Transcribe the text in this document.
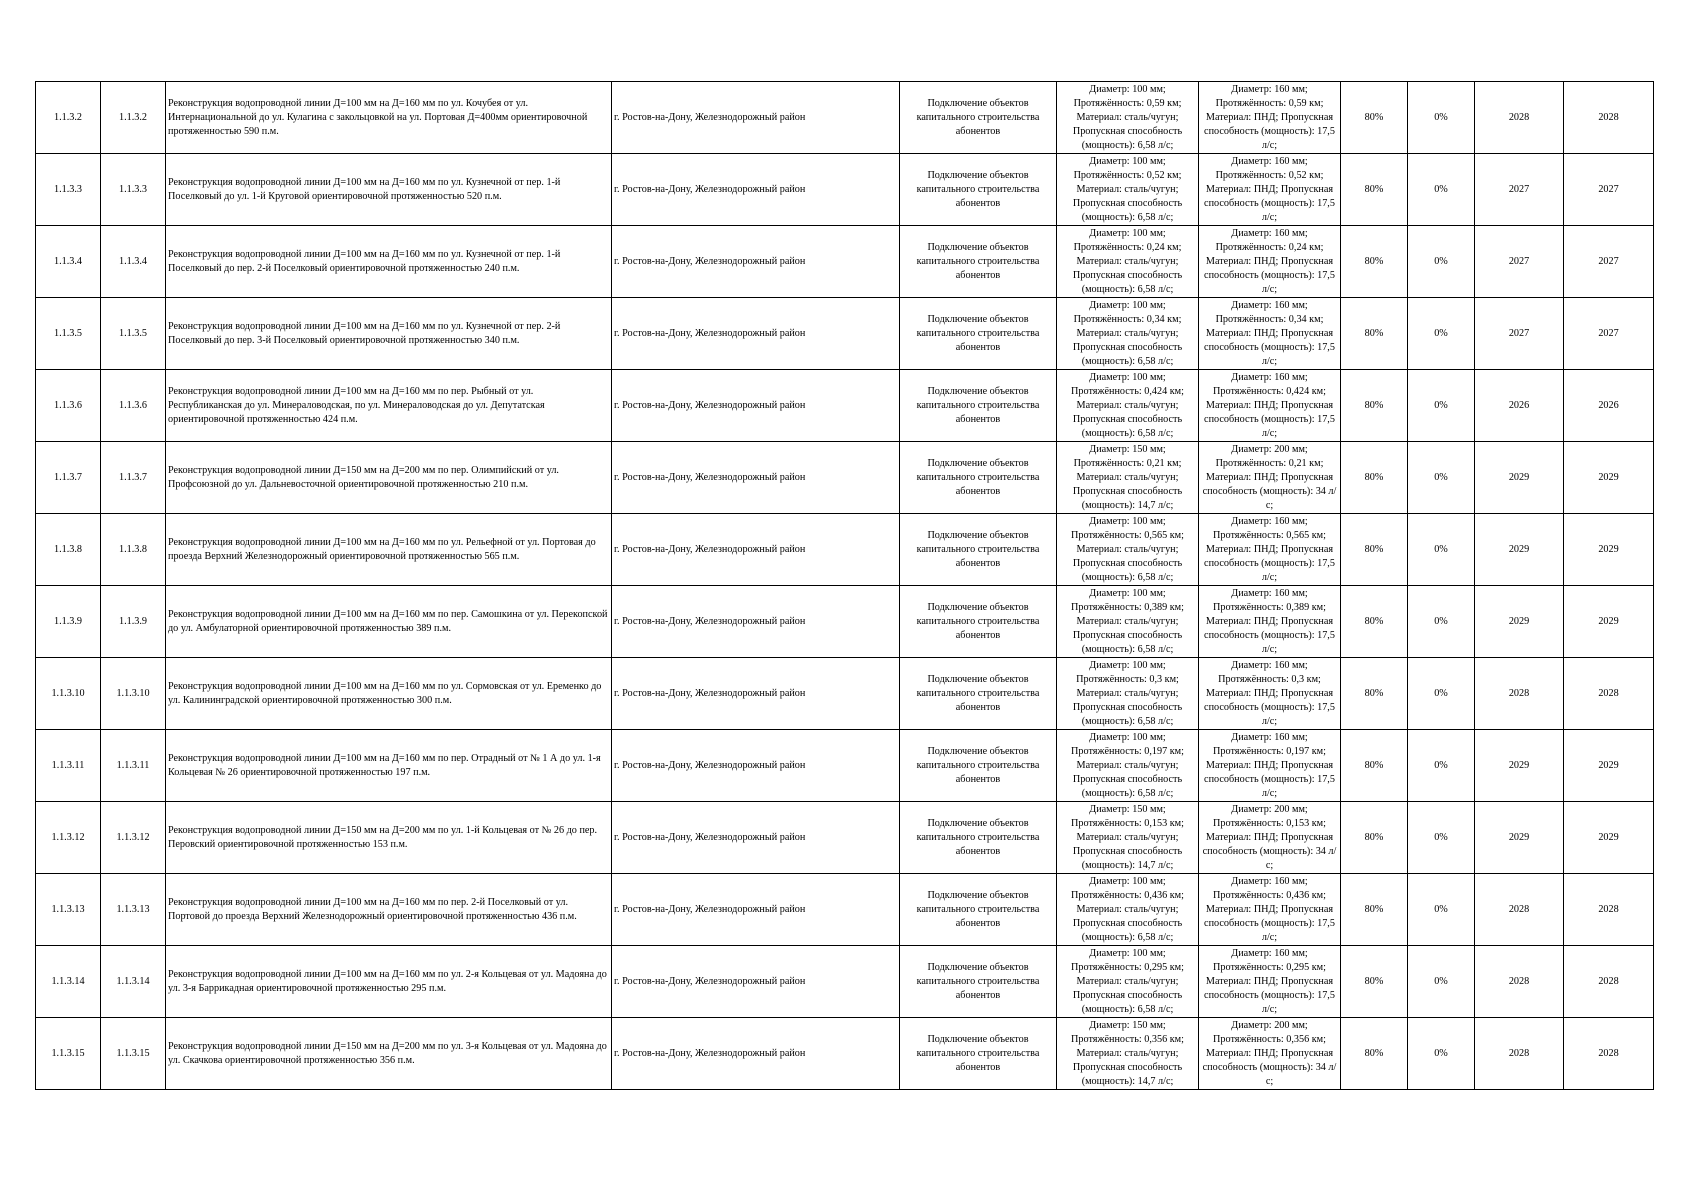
1.1.3.2	1.1.3.2	Реконструкция водопроводной линии Д=100 мм на Д=160 мм по ул. Кочубея от ул. Интернациональной до ул. Кулагина с закольцовкой на ул. Портовая Д=400мм ориентировочной протяженностью 590 п.м.	г. Ростов-на-Дону, Железнодорожный район	Подключение объектов капитального строительства абонентов	Диаметр: 100 мм; Протяжённость: 0,59 км; Материал: сталь/чугун; Пропускная способность (мощность): 6,58 л/с;	Диаметр: 160 мм; Протяжённость: 0,59 км; Материал: ПНД; Пропускная способность (мощность): 17,5 л/с;	80%	0%	2028	2028
1.1.3.3	1.1.3.3	Реконструкция водопроводной линии Д=100 мм на Д=160 мм по ул. Кузнечной от пер. 1-й Поселковый до ул. 1-й Круговой ориентировочной протяженностью 520 п.м.	г. Ростов-на-Дону, Железнодорожный район	Подключение объектов капитального строительства абонентов	Диаметр: 100 мм; Протяжённость: 0,52 км; Материал: сталь/чугун; Пропускная способность (мощность): 6,58 л/с;	Диаметр: 160 мм; Протяжённость: 0,52 км; Материал: ПНД; Пропускная способность (мощность): 17,5 л/с;	80%	0%	2027	2027
1.1.3.4	1.1.3.4	Реконструкция водопроводной линии Д=100 мм на Д=160 мм по ул. Кузнечной от пер. 1-й Поселковый до пер. 2-й Поселковый ориентировочной протяженностью 240 п.м.	г. Ростов-на-Дону, Железнодорожный район	Подключение объектов капитального строительства абонентов	Диаметр: 100 мм; Протяжённость: 0,24 км; Материал: сталь/чугун; Пропускная способность (мощность): 6,58 л/с;	Диаметр: 160 мм; Протяжённость: 0,24 км; Материал: ПНД; Пропускная способность (мощность): 17,5 л/с;	80%	0%	2027	2027
1.1.3.5	1.1.3.5	Реконструкция водопроводной линии Д=100 мм на Д=160 мм по ул. Кузнечной от пер. 2-й Поселковый до пер. 3-й Поселковый ориентировочной протяженностью 340 п.м.	г. Ростов-на-Дону, Железнодорожный район	Подключение объектов капитального строительства абонентов	Диаметр: 100 мм; Протяжённость: 0,34 км; Материал: сталь/чугун; Пропускная способность (мощность): 6,58 л/с;	Диаметр: 160 мм; Протяжённость: 0,34 км; Материал: ПНД; Пропускная способность (мощность): 17,5 л/с;	80%	0%	2027	2027
1.1.3.6	1.1.3.6	Реконструкция водопроводной линии Д=100 мм на Д=160 мм по пер. Рыбный от ул. Республиканская до ул. Минераловодская, по ул. Минераловодская до ул. Депутатская ориентировочной протяженностью 424 п.м.	г. Ростов-на-Дону, Железнодорожный район	Подключение объектов капитального строительства абонентов	Диаметр: 100 мм; Протяжённость: 0,424 км; Материал: сталь/чугун; Пропускная способность (мощность): 6,58 л/с;	Диаметр: 160 мм; Протяжённость: 0,424 км; Материал: ПНД; Пропускная способность (мощность): 17,5 л/с;	80%	0%	2026	2026
1.1.3.7	1.1.3.7	Реконструкция водопроводной линии Д=150 мм на Д=200 мм по пер. Олимпийский от ул. Профсоюзной до ул. Дальневосточной ориентировочной протяженностью 210 п.м.	г. Ростов-на-Дону, Железнодорожный район	Подключение объектов капитального строительства абонентов	Диаметр: 150 мм; Протяжённость: 0,21 км; Материал: сталь/чугун; Пропускная способность (мощность): 14,7 л/с;	Диаметр: 200 мм; Протяжённость: 0,21 км; Материал: ПНД; Пропускная способность (мощность): 34 л/с;	80%	0%	2029	2029
1.1.3.8	1.1.3.8	Реконструкция водопроводной линии Д=100 мм на Д=160 мм по ул. Рельефной от ул. Портовая до проезда Верхний Железнодорожный ориентировочной протяженностью 565 п.м.	г. Ростов-на-Дону, Железнодорожный район	Подключение объектов капитального строительства абонентов	Диаметр: 100 мм; Протяжённость: 0,565 км; Материал: сталь/чугун; Пропускная способность (мощность): 6,58 л/с;	Диаметр: 160 мм; Протяжённость: 0,565 км; Материал: ПНД; Пропускная способность (мощность): 17,5 л/с;	80%	0%	2029	2029
1.1.3.9	1.1.3.9	Реконструкция водопроводной линии Д=100 мм на Д=160 мм по пер. Самошкина от ул. Перекопской до ул. Амбулаторной ориентировочной протяженностью 389 п.м.	г. Ростов-на-Дону, Железнодорожный район	Подключение объектов капитального строительства абонентов	Диаметр: 100 мм; Протяжённость: 0,389 км; Материал: сталь/чугун; Пропускная способность (мощность): 6,58 л/с;	Диаметр: 160 мм; Протяжённость: 0,389 км; Материал: ПНД; Пропускная способность (мощность): 17,5 л/с;	80%	0%	2029	2029
1.1.3.10	1.1.3.10	Реконструкция водопроводной линии Д=100 мм на Д=160 мм по ул. Сормовская от ул. Еременко до ул. Калининградской ориентировочной протяженностью 300 п.м.	г. Ростов-на-Дону, Железнодорожный район	Подключение объектов капитального строительства абонентов	Диаметр: 100 мм; Протяжённость: 0,3 км; Материал: сталь/чугун; Пропускная способность (мощность): 6,58 л/с;	Диаметр: 160 мм; Протяжённость: 0,3 км; Материал: ПНД; Пропускная способность (мощность): 17,5 л/с;	80%	0%	2028	2028
1.1.3.11	1.1.3.11	Реконструкция водопроводной линии Д=100 мм на Д=160 мм по пер. Отрадный от № 1 А до ул. 1-я Кольцевая № 26 ориентировочной протяженностью 197 п.м.	г. Ростов-на-Дону, Железнодорожный район	Подключение объектов капитального строительства абонентов	Диаметр: 100 мм; Протяжённость: 0,197 км; Материал: сталь/чугун; Пропускная способность (мощность): 6,58 л/с;	Диаметр: 160 мм; Протяжённость: 0,197 км; Материал: ПНД; Пропускная способность (мощность): 17,5 л/с;	80%	0%	2029	2029
1.1.3.12	1.1.3.12	Реконструкция водопроводной линии Д=150 мм на Д=200 мм по ул. 1-й Кольцевая от № 26 до пер. Перовский ориентировочной протяженностью 153 п.м.	г. Ростов-на-Дону, Железнодорожный район	Подключение объектов капитального строительства абонентов	Диаметр: 150 мм; Протяжённость: 0,153 км; Материал: сталь/чугун; Пропускная способность (мощность): 14,7 л/с;	Диаметр: 200 мм; Протяжённость: 0,153 км; Материал: ПНД; Пропускная способность (мощность): 34 л/с;	80%	0%	2029	2029
1.1.3.13	1.1.3.13	Реконструкция водопроводной линии Д=100 мм на Д=160 мм по пер. 2-й Поселковый от ул. Портовой до проезда Верхний Железнодорожный ориентировочной протяженностью 436 п.м.	г. Ростов-на-Дону, Железнодорожный район	Подключение объектов капитального строительства абонентов	Диаметр: 100 мм; Протяжённость: 0,436 км; Материал: сталь/чугун; Пропускная способность (мощность): 6,58 л/с;	Диаметр: 160 мм; Протяжённость: 0,436 км; Материал: ПНД; Пропускная способность (мощность): 17,5 л/с;	80%	0%	2028	2028
1.1.3.14	1.1.3.14	Реконструкция водопроводной линии Д=100 мм на Д=160 мм по ул. 2-я Кольцевая от ул. Мадояна до ул. 3-я Баррикадная ориентировочной протяженностью 295 п.м.	г. Ростов-на-Дону, Железнодорожный район	Подключение объектов капитального строительства абонентов	Диаметр: 100 мм; Протяжённость: 0,295 км; Материал: сталь/чугун; Пропускная способность (мощность): 6,58 л/с;	Диаметр: 160 мм; Протяжённость: 0,295 км; Материал: ПНД; Пропускная способность (мощность): 17,5 л/с;	80%	0%	2028	2028
1.1.3.15	1.1.3.15	Реконструкция водопроводной линии Д=150 мм на Д=200 мм по ул. 3-я Кольцевая от ул. Мадояна до ул. Скачкова ориентировочной протяженностью 356 п.м.	г. Ростов-на-Дону, Железнодорожный район	Подключение объектов капитального строительства абонентов	Диаметр: 150 мм; Протяжённость: 0,356 км; Материал: сталь/чугун; Пропускная способность (мощность): 14,7 л/с;	Диаметр: 200 мм; Протяжённость: 0,356 км; Материал: ПНД; Пропускная способность (мощность): 34 л/с;	80%	0%	2028	2028
